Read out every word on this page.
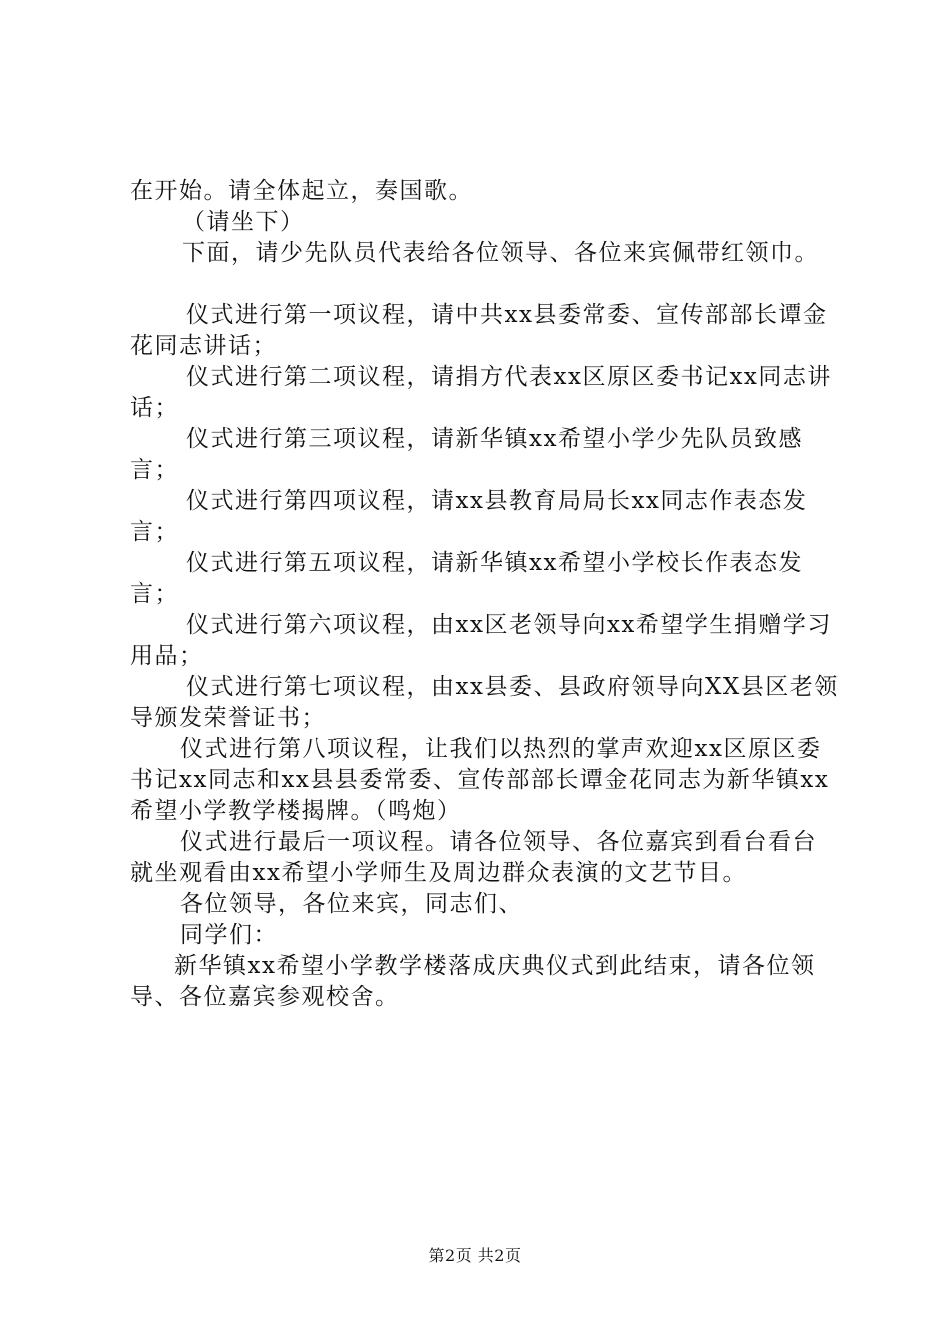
在开始。请全体起立，奏国歌。

（请坐下）

下面，请少先队员代表给各位领导、各位来宾佩带红领巾。

仪式进行第一项议程，请中共xx县委常委、宣传部部长谭金花同志讲话；

仪式进行第二项议程，请捐方代表xx区原区委书记xx同志讲话；

仪式进行第三项议程，请新华镇xx希望小学少先队员致感言；

仪式进行第四项议程，请xx县教育局局长xx同志作表态发言；

仪式进行第五项议程，请新华镇xx希望小学校长作表态发言；

仪式进行第六项议程，由xx区老领导向xx希望学生捐赠学习用品；

仪式进行第七项议程，由xx县委、县政府领导向XX县区老领导颁发荣誉证书；

仪式进行第八项议程，让我们以热烈的掌声欢迎xx区原区委书记xx同志和xx县县委常委、宣传部部长谭金花同志为新华镇xx希望小学教学楼揭牌。（鸣炮）

仪式进行最后一项议程。请各位领导、各位嘉宾到看台看台就坐观看由xx希望小学师生及周边群众表演的文艺节目。

各位领导，各位来宾，同志们、

同学们：

新华镇xx希望小学教学楼落成庆典仪式到此结束，请各位领导、各位嘉宾参观校舍。

第2页 共2页
